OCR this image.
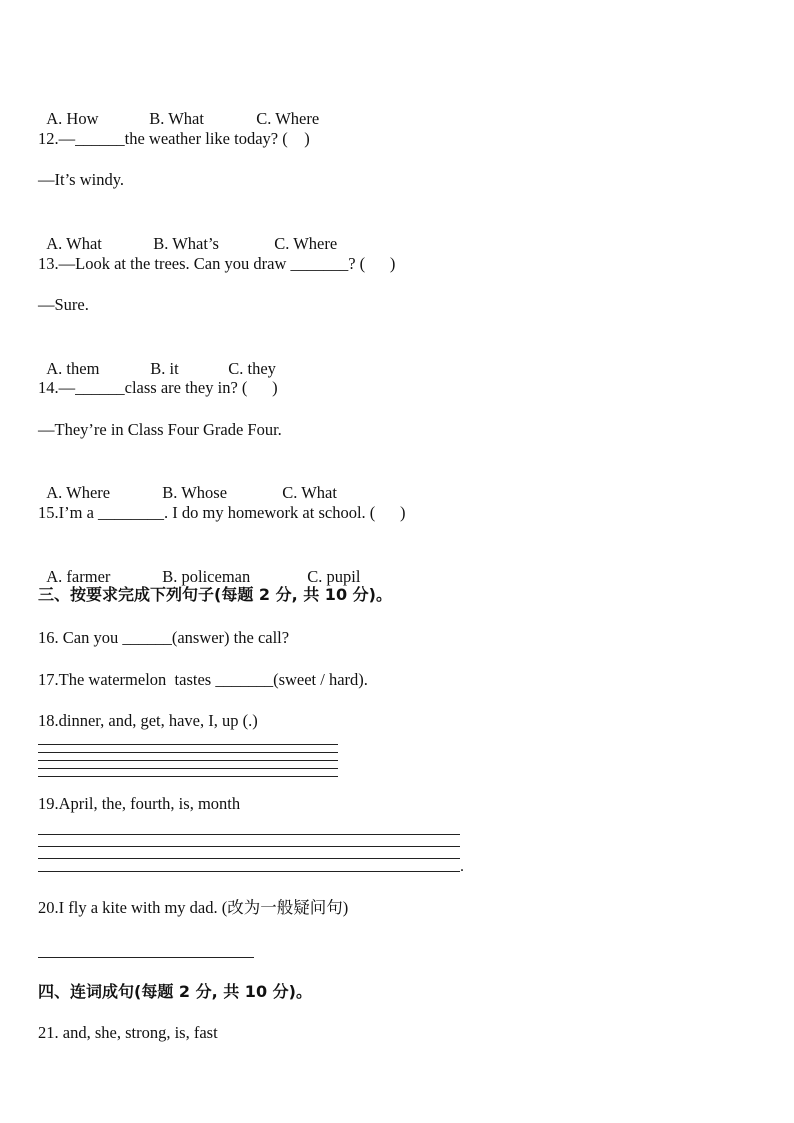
A. How	B. What	C. Where

12.—______the weather like today? (    )
—It’s windy.

A. What	B. What’s	C. Where

13.—Look at the trees. Can you draw _______? (      )
—Sure.

A. them	B. it	C. they

14.—______class are they in? (      )
—They’re in Class Four Grade Four.

A. Where	B. Whose	C. What

15.I’m a ________. I do my homework at school. (      )

A. farmer	B. policeman	C. pupil

三、按要求完成下列句子(每题 2 分, 共 10 分)。
16. Can you ______(answer) the call?
17.The watermelon  tastes _______(sweet / hard).
18.dinner, and, get, have, I, up (.)
19.April, the, fourth, is, month
.
20.I fly a kite with my dad. (改为一般疑问句)
四、连词成句(每题 2 分, 共 10 分)。
21. and, she, strong, is, fast
